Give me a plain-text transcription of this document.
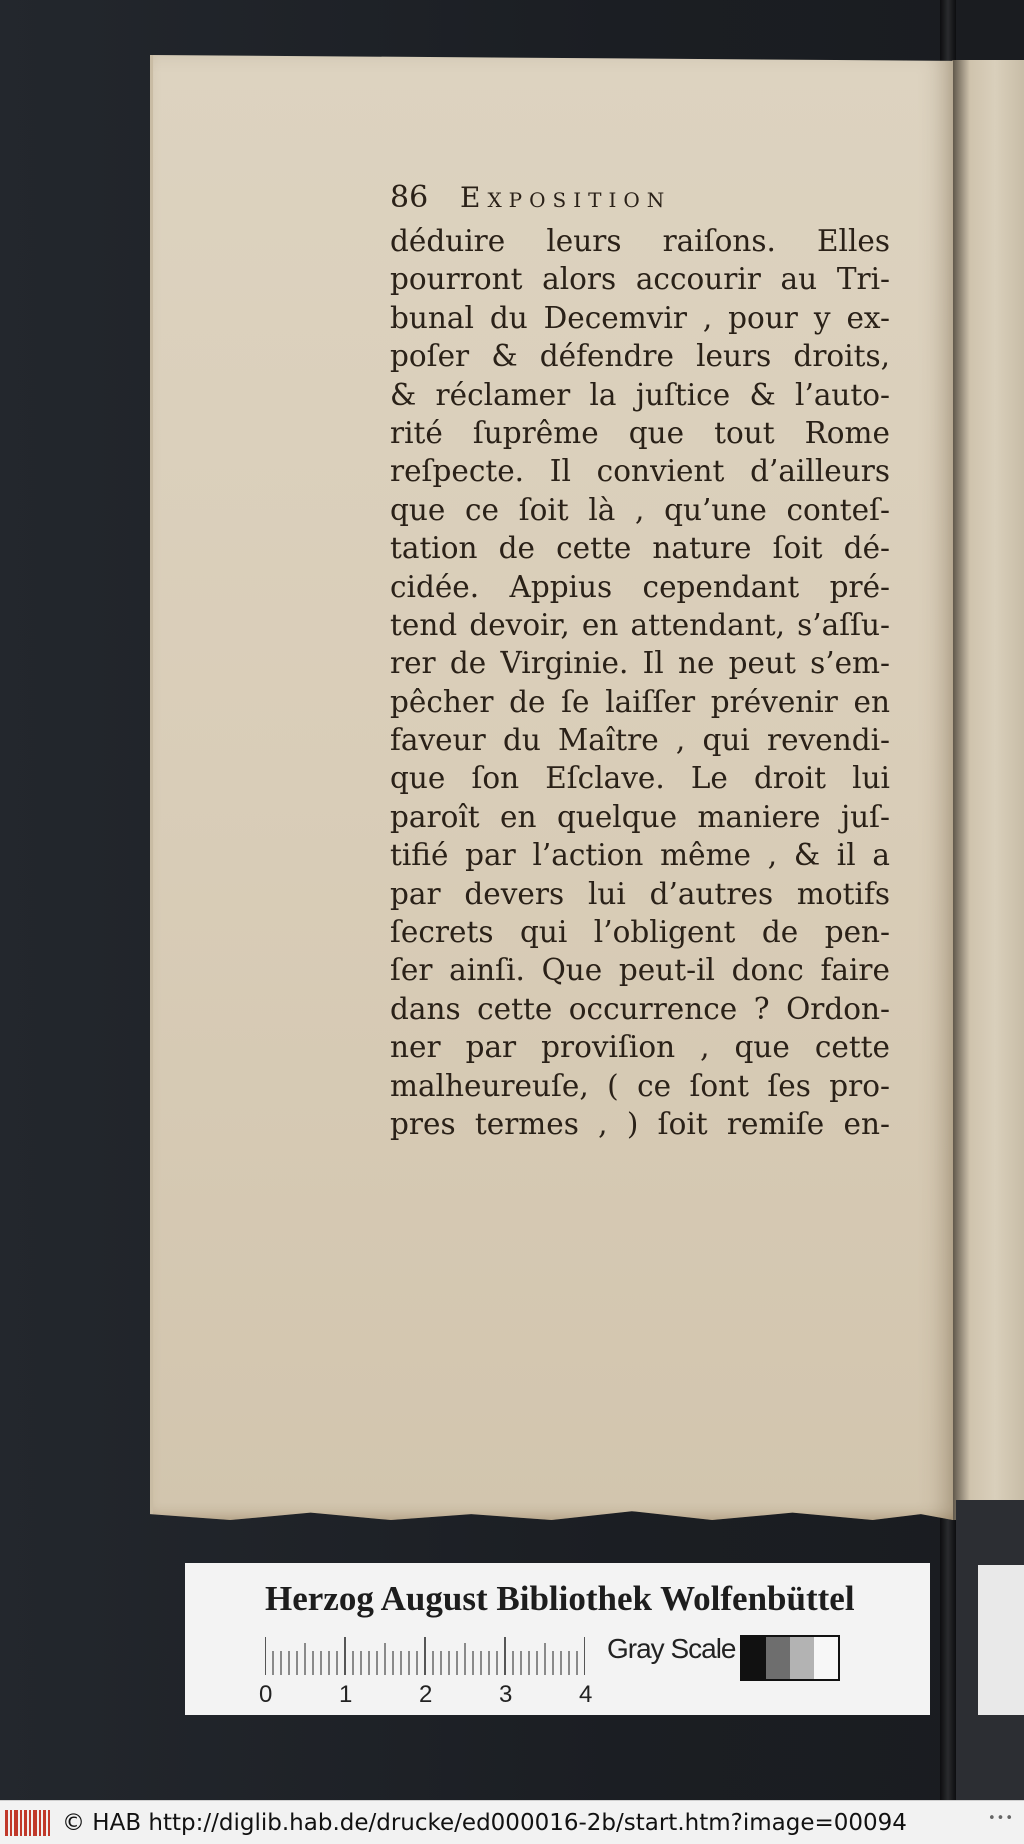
86	Exposition
déduire leurs raiſons. Elles
pourront alors accourir au Tri-
bunal du Decemvir , pour y ex-
poſer & défendre leurs droits,
& réclamer la juſtice & l’auto-
rité ſuprême que tout Rome
reſpecte. Il convient d’ailleurs
que ce ſoit là , qu’une conteſ-
tation de cette nature ſoit dé-
cidée. Appius cependant pré-
tend devoir, en attendant, s’aſſu-
rer de Virginie. Il ne peut s’em-
pêcher de ſe laiſſer prévenir en
faveur du Maître , qui revendi-
que ſon Eſclave. Le droit lui
paroît en quelque maniere juſ-
tifié par l’action même , & il a
par devers lui d’autres motifs
ſecrets qui l’obligent de pen-
ſer ainſi. Que peut-il donc faire
dans cette occurrence ? Ordon-
ner par proviſion , que cette
malheureuſe, ( ce ſont ſes pro-
pres termes , ) ſoit remiſe en-
Herzog August Bibliothek Wolfenbüttel
0	1	2	3	4
Gray Scale
© HAB http://diglib.hab.de/drucke/ed000016-2b/start.htm?image=00094	•••
